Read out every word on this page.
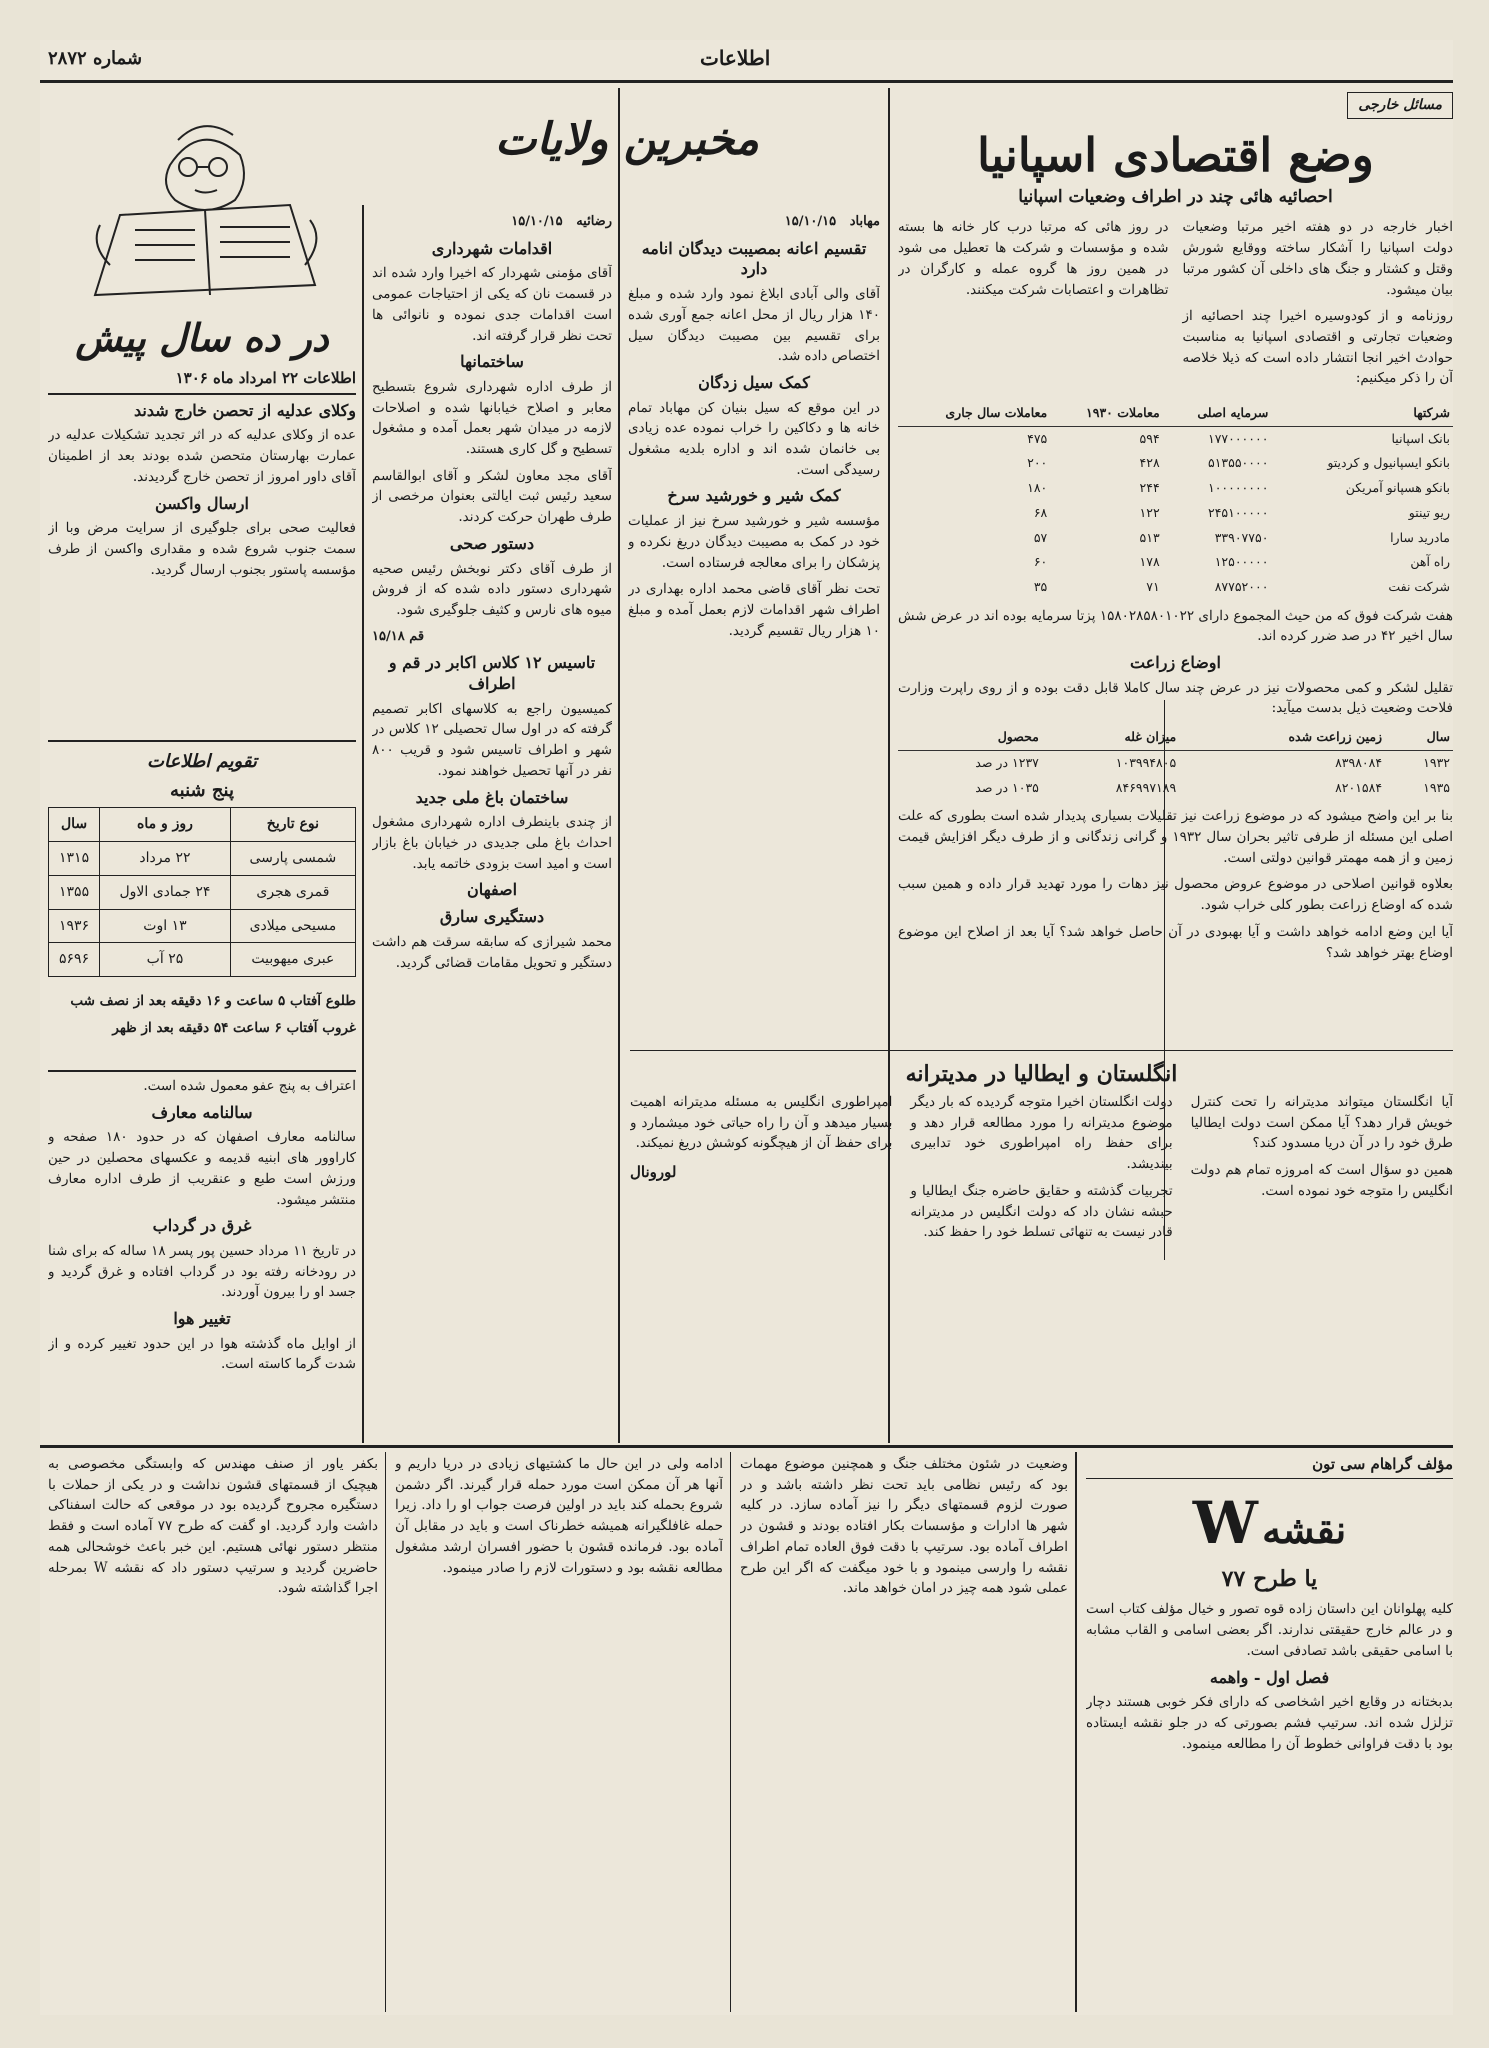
شماره ۲۸۷۲	اطلاعات
مسائل خارجی
وضع اقتصادی اسپانیا
احصائیه هائی چند در اطراف وضعیات اسپانیا

اخبار خارجه در دو هفته اخیر مرتبا وضعیات دولت اسپانیا را آشکار ساخته ووقایع شورش وقتل و کشتار و جنگ های داخلی آن کشور مرتبا بیان میشود.

روزنامه و از کودوسیره اخیرا چند احصائیه از وضعیات تجارتی و اقتصادی اسپانیا به مناسبت حوادث اخیر انجا انتشار داده است که ذیلا خلاصه آن را ذکر میکنیم:

در روز هائی که مرتبا درب کار خانه ها بسته شده و مؤسسات و شرکت ها تعطیل می شود در همین روز ها گروه عمله و کارگران در تظاهرات و اعتصابات شرکت میکنند.

شرکتها	سرمایه اصلی	معاملات ۱۹۳۰	معاملات سال جاری
بانک اسپانیا	۱۷۷۰۰۰۰۰۰	۵۹۴	۴۷۵
بانکو ایسپانیول و کردیتو	۵۱۳۵۵۰۰۰۰	۴۲۸	۲۰۰
بانکو هسپانو آمریکن	۱۰۰۰۰۰۰۰۰	۲۴۴	۱۸۰
ریو تینتو	۲۴۵۱۰۰۰۰۰	۱۲۲	۶۸
مادرید سارا	۳۳۹۰۷۷۵۰	۵۱۳	۵۷
راه آهن	۱۲۵۰۰۰۰۰	۱۷۸	۶۰
شرکت نفت	۸۷۷۵۲۰۰۰	۷۱	۳۵

هفت شرکت فوق که من حیث المجموع دارای ۱۵۸۰۲۸۵۸۰۱۰۲۲ پزتا سرمایه بوده اند در عرض شش سال اخیر ۴۲ در صد ضرر کرده اند.

اوضاع زراعت

تقلیل لشکر و کمی محصولات نیز در عرض چند سال کاملا قابل دقت بوده و از روی راپرت وزارت فلاحت وضعیت ذیل بدست میآید:

سال	زمین زراعت شده	میزان غله	محصول
۱۹۳۲	۸۳۹۸۰۸۴	۱۰۳۹۹۴۸۰۵	۱۲۳۷ در صد
۱۹۳۵	۸۲۰۱۵۸۴	۸۴۶۹۹۷۱۸۹	۱۰۳۵ در صد

بنا بر این واضح میشود که در موضوع زراعت نیز تقلیلات بسیاری پدیدار شده است بطوری که علت اصلی این مسئله از طرفی تاثیر بحران سال ۱۹۳۲ و گرانی زندگانی و از طرف دیگر افزایش قیمت زمین و از همه مهمتر قوانین دولتی است.

بعلاوه قوانین اصلاحی در موضوع عروض محصول نیز دهات را مورد تهدید قرار داده و همین سبب شده که اوضاع زراعت بطور کلی خراب شود.

آیا این وضع ادامه خواهد داشت و آیا بهبودی در آن حاصل خواهد شد؟ آیا بعد از اصلاح این موضوع اوضاع بهتر خواهد شد؟

انگلستان و ایطالیا در مدیترانه

آیا انگلستان میتواند مدیترانه را تحت کنترل خویش قرار دهد؟ آیا ممکن است دولت ایطالیا طرق خود را در آن دریا مسدود کند؟

همین دو سؤال است که امروزه تمام هم دولت انگلیس را متوجه خود نموده است.

دولت انگلستان اخیرا متوجه گردیده که بار دیگر موضوع مدیترانه را مورد مطالعه قرار دهد و برای حفظ راه امپراطوری خود تدابیری بیندیشد.

تجربیات گذشته و حقایق حاضره جنگ ایطالیا و حبشه نشان داد که دولت انگلیس در مدیترانه قادر نیست به تنهائی تسلط خود را حفظ کند.

امپراطوری انگلیس به مسئله مدیترانه اهمیت بسیار میدهد و آن را راه حیاتی خود میشمارد و برای حفظ آن از هیچگونه کوشش دریغ نمیکند.

لورونال
مخبرین ولایات
مهاباد   ۱۵/۱۰/۱۵
تقسیم اعانه بمصیبت دیدگان انامه دارد

آقای والی آبادی ابلاغ نمود وارد شده و مبلغ ۱۴۰ هزار ریال از محل اعانه جمع آوری شده برای تقسیم بین مصیبت دیدگان سیل اختصاص داده شد.

کمک سیل زدگان

در این موقع که سیل بنیان کن مهاباد تمام خانه ها و دکاکین را خراب نموده عده زیادی بی خانمان شده اند و اداره بلدیه مشغول رسیدگی است.

کمک شیر و خورشید سرخ

مؤسسه شیر و خورشید سرخ نیز از عملیات خود در کمک به مصیبت دیدگان دریغ نکرده و پزشکان را برای معالجه فرستاده است.

تحت نظر آقای قاضی محمد اداره بهداری در اطراف شهر اقدامات لازم بعمل آمده و مبلغ ۱۰ هزار ریال تقسیم گردید.

رضائیه   ۱۵/۱۰/۱۵
اقدامات شهرداری

آقای مؤمنی شهردار که اخیرا وارد شده اند در قسمت نان که یکی از احتیاجات عمومی است اقدامات جدی نموده و نانوائی ها تحت نظر قرار گرفته اند.

ساختمانها

از طرف اداره شهرداری شروع بتسطیح معابر و اصلاح خیابانها شده و اصلاحات لازمه در میدان شهر بعمل آمده و مشغول تسطیح و گل کاری هستند.

آقای مجد معاون لشکر و آقای ابوالقاسم سعید رئیس ثبت ایالتی بعنوان مرخصی از طرف طهران حرکت کردند.

دستور صحی

از طرف آقای دکتر نوبخش رئیس صحیه شهرداری دستور داده شده که از فروش میوه های نارس و کثیف جلوگیری شود.

قم ۱۵/۱۸
تاسیس ۱۲ کلاس اکابر در قم و اطراف

کمیسیون راجع به کلاسهای اکابر تصمیم گرفته که در اول سال تحصیلی ۱۲ کلاس در شهر و اطراف تاسیس شود و قریب ۸۰۰ نفر در آنها تحصیل خواهند نمود.

ساختمان باغ ملی جدید

از چندی باینطرف اداره شهرداری مشغول احداث باغ ملی جدیدی در خیابان باغ بازار است و امید است بزودی خاتمه یابد.

اصفهان
دستگیری سارق

محمد شیرازی که سابقه سرقت هم داشت دستگیر و تحویل مقامات قضائی گردید.

در ده سال پیش
اطلاعات ۲۲ امرداد ماه ۱۳۰۶
وکلای عدلیه از تحصن خارج شدند

عده از وکلای عدلیه که در اثر تجدید تشکیلات عدلیه در عمارت بهارستان متحصن شده بودند بعد از اطمینان آقای داور امروز از تحصن خارج گردیدند.

ارسال واکسن

فعالیت صحی برای جلوگیری از سرایت مرض وبا از سمت جنوب شروع شده و مقداری واکسن از طرف مؤسسه پاستور بجنوب ارسال گردید.

تقویم اطلاعات
پنج شنبه
نوع تاریخ	روز و ماه	سال
شمسی پارسی	۲۲ مرداد	۱۳۱۵
قمری هجری	۲۴ جمادی الاول	۱۳۵۵
مسیحی میلادی	۱۳ اوت	۱۹۳۶
عبری میهوبیت	۲۵ آب	۵۶۹۶

طلوع آفتاب ۵ ساعت و ۱۶ دقیقه بعد از نصف شب

غروب آفتاب ۶ ساعت ۵۴ دقیقه بعد از ظهر

اعتراف به پنج عفو معمول شده است.

سالنامه معارف

سالنامه معارف اصفهان که در حدود ۱۸۰ صفحه و کاراوور های ابنیه قدیمه و عکسهای محصلین در حین ورزش است طبع و عنقریب از طرف اداره معارف منتشر میشود.

غرق در گرداب

در تاریخ ۱۱ مرداد حسین پور پسر ۱۸ ساله که برای شنا در رودخانه رفته بود در گرداب افتاده و غرق گردید و جسد او را بیرون آوردند.

تغییر هوا

از اوایل ماه گذشته هوا در این حدود تغییر کرده و از شدت گرما کاسته است.

مؤلف گراهام سی تون
نقشه W
یا طرح ۷۷

کلیه پهلوانان این داستان زاده قوه تصور و خیال مؤلف کتاب است و در عالم خارج حقیقتی ندارند. اگر بعضی اسامی و القاب مشابه با اسامی حقیقی باشد تصادفی است.

فصل اول - واهمه

بدبختانه در وقایع اخیر اشخاصی که دارای فکر خوبی هستند دچار تزلزل شده اند. سرتیپ فشم بصورتی که در جلو نقشه ایستاده بود با دقت فراوانی خطوط آن را مطالعه مینمود.

وضعیت در شئون مختلف جنگ و همچنین موضوع مهمات بود که رئیس نظامی باید تحت نظر داشته باشد و در صورت لزوم قسمتهای دیگر را نیز آماده سازد. در کلیه شهر ها ادارات و مؤسسات بکار افتاده بودند و قشون در اطراف آماده بود. سرتیپ با دقت فوق العاده تمام اطراف نقشه را وارسی مینمود و با خود میگفت که اگر این طرح عملی شود همه چیز در امان خواهد ماند.

ادامه ولی در این حال ما کشتیهای زیادی در دریا داریم و آنها هر آن ممکن است مورد حمله قرار گیرند. اگر دشمن شروع بحمله کند باید در اولین فرصت جواب او را داد. زیرا حمله غافلگیرانه همیشه خطرناک است و باید در مقابل آن آماده بود. فرمانده قشون با حضور افسران ارشد مشغول مطالعه نقشه بود و دستورات لازم را صادر مینمود.

بکفر یاور از صنف مهندس که وابستگی مخصوصی به هیچیک از قسمتهای قشون نداشت و در یکی از حملات با دستگیره مجروح گردیده بود در موقعی که حالت اسفناکی داشت وارد گردید. او گفت که طرح ۷۷ آماده است و فقط منتظر دستور نهائی هستیم. این خبر باعث خوشحالی همه حاضرین گردید و سرتیپ دستور داد که نقشه W بمرحله اجرا گذاشته شود.
